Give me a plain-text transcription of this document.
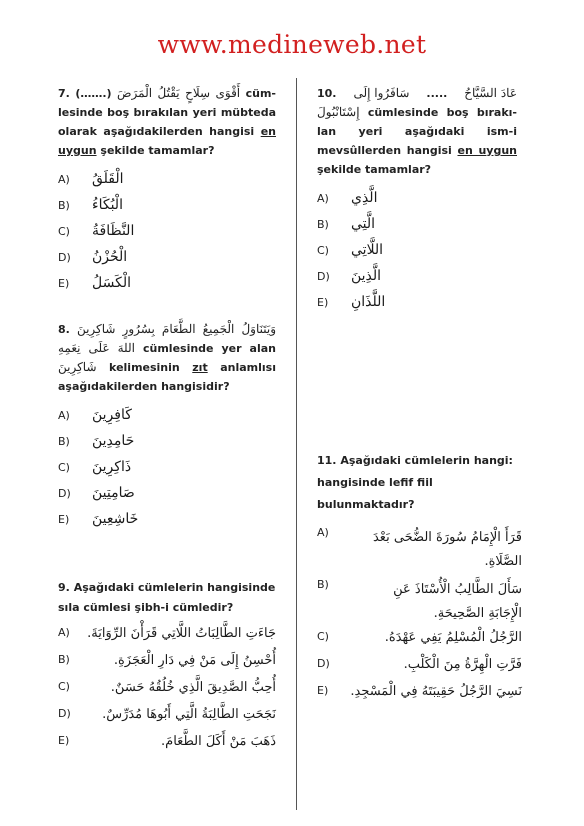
www.medineweb.net
7. (…….) أَقْوَى سِلَاحٍ يَقْتُلُ الْمَرَضَ cüm- lesinde boş bırakılan yeri mübteda olarak aşağıdakilerden hangisi en uygun şekilde tamamlar?
A)	الْقَلَقُ
B)	الْبُكَاءُ
C)	النَّظَافَةُ
D)	الْحُزْنُ
E)	الْكَسَلُ
8. وَيَتَنَاوَلُ الْجَمِيعُ الطَّعَامَ بِسُرُورٍ شَاكِرِينَ اللهَ عَلَى نِعَمِهِ cümlesinde yer alan شَاكِرِينَ kelimesinin zıt anlamlısı aşağıdakilerden hangisidir?
A)	كَافِرِينَ
B)	حَامِدِينَ
C)	ذَاكِرِينَ
D)	صَامِتِينَ
E)	خَاشِعِينَ
9. Aşağıdaki cümlelerin hangisinde sıla cümlesi şibh-i cümledir?
A) جَاءَتِ الطَّالِبَاتُ اللَّاتِي قَرَأْنَ الرِّوَايَةَ.
B)	أُحْسِنُ إِلَى مَنْ فِي دَارِ الْعَجَزَةِ.
C)	أُحِبُّ الصَّدِيقَ الَّذِي خُلُقُهُ حَسَنٌ.
D) نَجَحَتِ الطَّالِبَةُ الَّتِي أَبُوهَا مُدَرِّسٌ.
E)	ذَهَبَ مَنْ أَكَلَ الطَّعَامَ.
10. سَافَرُوا إِلَى ..... عَادَ السَّيَّاحُ
إِسْتَانْبُولَ cümlesinde boş bırakı- lan yeri aşağıdaki ism-i mevsûllerden hangisi en uygun şekilde tamamlar?
A)	الَّذِي
B)	الَّتِي
C)	اللَّاتِي
D)	الَّذِينَ
E)	اللَّذَانِ
11. Aşağıdaki cümlelerin hangi: hangisinde lefif fiil bulunmaktadır?
A)	قَرَأَ الْإِمَامُ سُورَةَ الضُّحَى بَعْدَ الصَّلَاةِ.
B)	سَأَلَ الطَّالِبُ الْأُسْتَاذَ عَنِ الْإِجَابَةِ الصَّحِيحَةِ.
C)	الرَّجُلُ الْمُسْلِمُ يَفِي عَهْدَهُ.
D)	فَرَّتِ الْهِرَّةُ مِنَ الْكَلْبِ.
E) نَسِيَ الرَّجُلُ حَقِيبَتَهُ فِي الْمَسْجِدِ.
